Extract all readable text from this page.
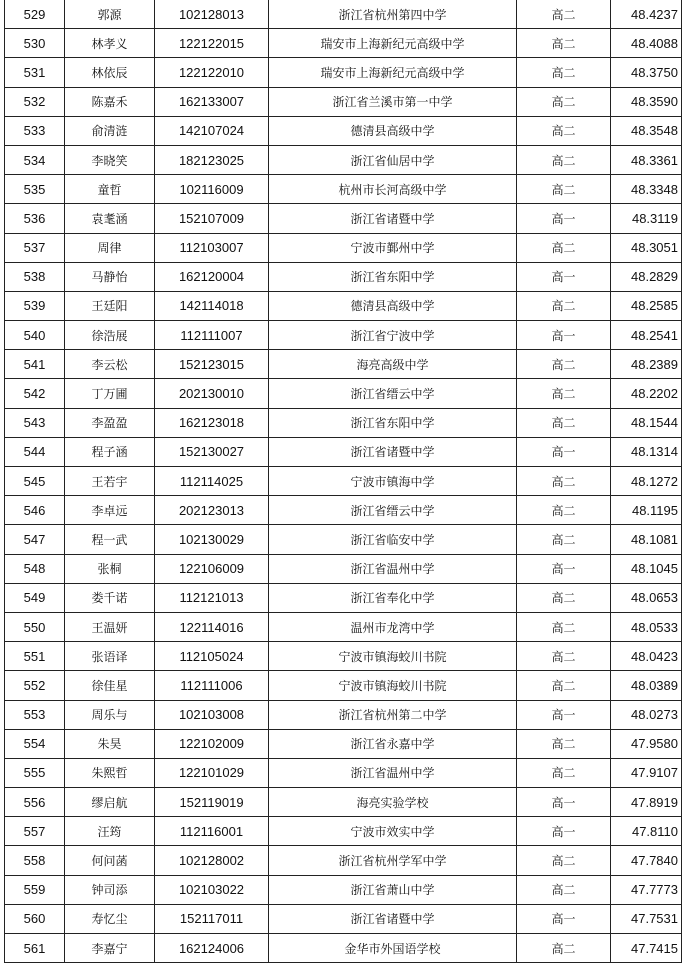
529	郭源	102128013	浙江省杭州第四中学	高二	48.4237
530	林孝义	122122015	瑞安市上海新纪元高级中学	高二	48.4088
531	林依辰	122122010	瑞安市上海新纪元高级中学	高二	48.3750
532	陈嘉禾	162133007	浙江省兰溪市第一中学	高二	48.3590
533	俞清涟	142107024	德清县高级中学	高二	48.3548
534	李晓笑	182123025	浙江省仙居中学	高二	48.3361
535	童哲	102116009	杭州市长河高级中学	高二	48.3348
536	袁耄涵	152107009	浙江省诸暨中学	高一	48.3119
537	周律	112103007	宁波市鄞州中学	高二	48.3051
538	马静怡	162120004	浙江省东阳中学	高一	48.2829
539	王廷阳	142114018	德清县高级中学	高二	48.2585
540	徐浩展	112111007	浙江省宁波中学	高一	48.2541
541	李云松	152123015	海亮高级中学	高二	48.2389
542	丁万圃	202130010	浙江省缙云中学	高二	48.2202
543	李盈盈	162123018	浙江省东阳中学	高二	48.1544
544	程子涵	152130027	浙江省诸暨中学	高一	48.1314
545	王若宇	112114025	宁波市镇海中学	高二	48.1272
546	李卓远	202123013	浙江省缙云中学	高二	48.1195
547	程一武	102130029	浙江省临安中学	高二	48.1081
548	张桐	122106009	浙江省温州中学	高一	48.1045
549	娄千诺	112121013	浙江省奉化中学	高二	48.0653
550	王温妍	122114016	温州市龙湾中学	高二	48.0533
551	张语译	112105024	宁波市镇海蛟川书院	高二	48.0423
552	徐佳星	112111006	宁波市镇海蛟川书院	高二	48.0389
553	周乐与	102103008	浙江省杭州第二中学	高一	48.0273
554	朱昊	122102009	浙江省永嘉中学	高二	47.9580
555	朱熙哲	122101029	浙江省温州中学	高二	47.9107
556	缪启航	152119019	海亮实验学校	高一	47.8919
557	汪筠	112116001	宁波市效实中学	高一	47.8110
558	何问菡	102128002	浙江省杭州学军中学	高二	47.7840
559	钟司添	102103022	浙江省萧山中学	高二	47.7773
560	寿忆尘	152117011	浙江省诸暨中学	高一	47.7531
561	李嘉宁	162124006	金华市外国语学校	高二	47.7415
